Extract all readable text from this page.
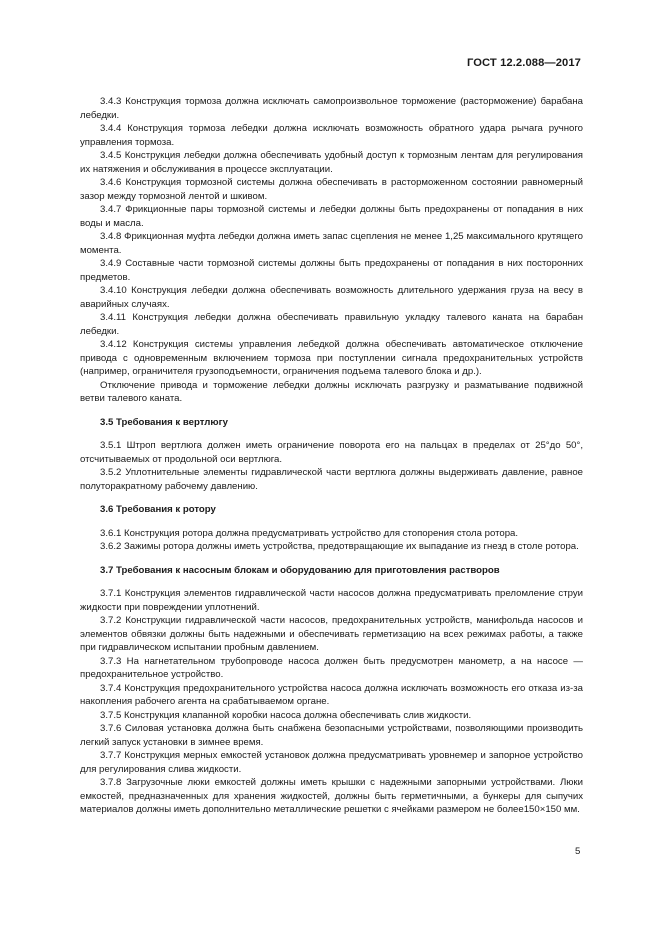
ГОСТ 12.2.088—2017

3.4.3 Конструкция тормоза должна исключать самопроизвольное торможение (расторможение) барабана лебедки.

3.4.4 Конструкция тормоза лебедки должна исключать возможность обратного удара рычага ручного управления тормоза.

3.4.5 Конструкция лебедки должна обеспечивать удобный доступ к тормозным лентам для регулирования их натяжения и обслуживания в процессе эксплуатации.

3.4.6 Конструкция тормозной системы должна обеспечивать в расторможенном состоянии равномерный зазор между тормозной лентой и шкивом.

3.4.7 Фрикционные пары тормозной системы и лебедки должны быть предохранены от попадания в них воды и масла.

3.4.8 Фрикционная муфта лебедки должна иметь запас сцепления не менее 1,25 максимального крутящего момента.

3.4.9 Составные части тормозной системы должны быть предохранены от попадания в них посторонних предметов.

3.4.10 Конструкция лебедки должна обеспечивать возможность длительного удержания груза на весу в аварийных случаях.

3.4.11 Конструкция лебедки должна обеспечивать правильную укладку талевого каната на барабан лебедки.

3.4.12 Конструкция системы управления лебедкой должна обеспечивать автоматическое отключение привода с одновременным включением тормоза при поступлении сигнала предохранительных устройств (например, ограничителя грузоподъемности, ограничения подъема талевого блока и др.).

Отключение привода и торможение лебедки должны исключать разгрузку и разматывание подвижной ветви талевого каната.

3.5 Требования к вертлюгу

3.5.1 Штроп вертлюга должен иметь ограничение поворота его на пальцах в пределах от 25°до 50°, отсчитываемых от продольной оси вертлюга.

3.5.2 Уплотнительные элементы гидравлической части вертлюга должны выдерживать давление, равное полуторакратному рабочему давлению.

3.6 Требования к ротору

3.6.1 Конструкция ротора должна предусматривать устройство для стопорения стола ротора.

3.6.2 Зажимы ротора должны иметь устройства, предотвращающие их выпадание из гнезд в столе ротора.

3.7 Требования к насосным блокам и оборудованию для приготовления растворов

3.7.1 Конструкция элементов гидравлической части насосов должна предусматривать преломление струи жидкости при повреждении уплотнений.

3.7.2 Конструкции гидравлической части насосов, предохранительных устройств, манифольда насосов и элементов обвязки должны быть надежными и обеспечивать герметизацию на всех режимах работы, а также при гидравлическом испытании пробным давлением.

3.7.3 На нагнетательном трубопроводе насоса должен быть предусмотрен манометр, а на насосе — предохранительное устройство.

3.7.4 Конструкция предохранительного устройства насоса должна исключать возможность его отказа из-за накопления рабочего агента на срабатываемом органе.

3.7.5 Конструкция клапанной коробки насоса должна обеспечивать слив жидкости.

3.7.6 Силовая установка должна быть снабжена безопасными устройствами, позволяющими производить легкий запуск установки в зимнее время.

3.7.7 Конструкция мерных емкостей установок должна предусматривать уровнемер и запорное устройство для регулирования слива жидкости.

3.7.8 Загрузочные люки емкостей должны иметь крышки с надежными запорными устройствами. Люки емкостей, предназначенных для хранения жидкостей, должны быть герметичными, а бункеры для сыпучих материалов должны иметь дополнительно металлические решетки с ячейками размером не более150×150 мм.

5
